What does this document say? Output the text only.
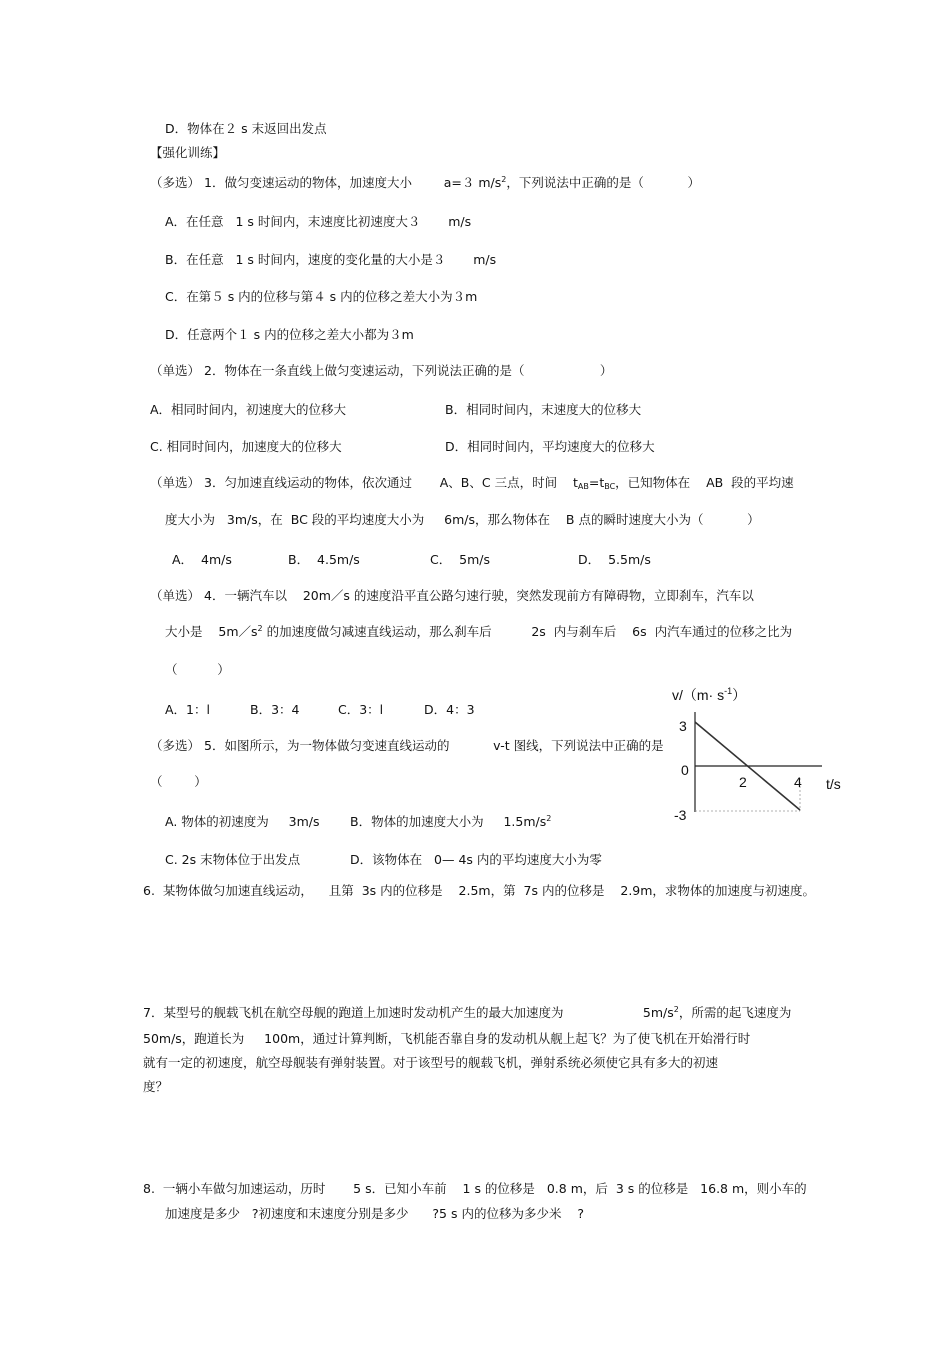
D．物体在２ s 末返回出发点
【强化训练】
（多选） 1．做匀变速运动的物体，加速度大小        a=３ $m/s^2$，下列说法中正确的是（           ）
A．在任意   1 s 时间内，末速度比初速度大３       m/s
B．在任意   1 s 时间内，速度的变化量的大小是３       m/s
C．在第５ s 内的位移与第４ s 内的位移之差大小为３m
D．任意两个１ s 内的位移之差大小都为３m
（单选） 2．物体在一条直线上做匀变速运动，下列说法正确的是（                   ）
A．相同时间内，初速度大的位移大	B．相同时间内，末速度大的位移大
C. 相同时间内，加速度大的位移大	D．相同时间内，平均速度大的位移大
（单选） 3．匀加速直线运动的物体，依次通过       A、B、C 三点，时间    $t_{AB}=t_{BC}$，已知物体在    AB  段的平均速
度大小为   3m/s，在  BC 段的平均速度大小为     6m/s，那么物体在    B 点的瞬时速度大小为（           ）
A．  4m/s	B．  4.5m/s	C．  5m/s	D．  5.5m/s
（单选） 4．一辆汽车以    20m／s 的速度沿平直公路匀速行驶，突然发现前方有障碍物，立即刹车，汽车以
大小是    $5m/s^2$ 的加速度做匀减速直线运动，那么刹车后          2s  内与刹车后    6s  内汽车通过的位移之比为
（          ）
A．1：l	B．3：4	C．3：l	D．4：3
（多选） 5．如图所示，为一物体做匀变速直线运动的           v-t 图线，下列说法中正确的是
（        ）
A. 物体的初速度为     3m/s B．物体的加速度大小为     $1.5m/s^2$
C. 2s 末物体位于出发点	D．该物体在   0— 4s 内的平均速度大小为零
$v/(m\cdot s^{-1})$
3
0
-3
2	4 t/s
6.  某物体做匀加速直线运动，    且第  3s 内的位移是    2.5m，第  7s 内的位移是    2.9m，求物体的加速度与初速度。
7．某型号的舰载飞机在航空母舰的跑道上加速时发动机产生的最大加速度为                    $5m/s^2$，所需的起飞速度为
50m/s，跑道长为     100m，通过计算判断，飞机能否靠自身的发动机从舰上起飞？为了使飞机在开始滑行时
就有一定的初速度，航空母舰装有弹射装置。对于该型号的舰载飞机，弹射系统必须使它具有多大的初速
度？
8.  一辆小车做匀加速运动，历时       5 s．已知小车前    1 s 的位移是   0.8 m，后  3 s 的位移是   16.8 m，则小车的
加速度是多少   ?初速度和末速度分别是多少      ?5 s 内的位移为多少米    ?
